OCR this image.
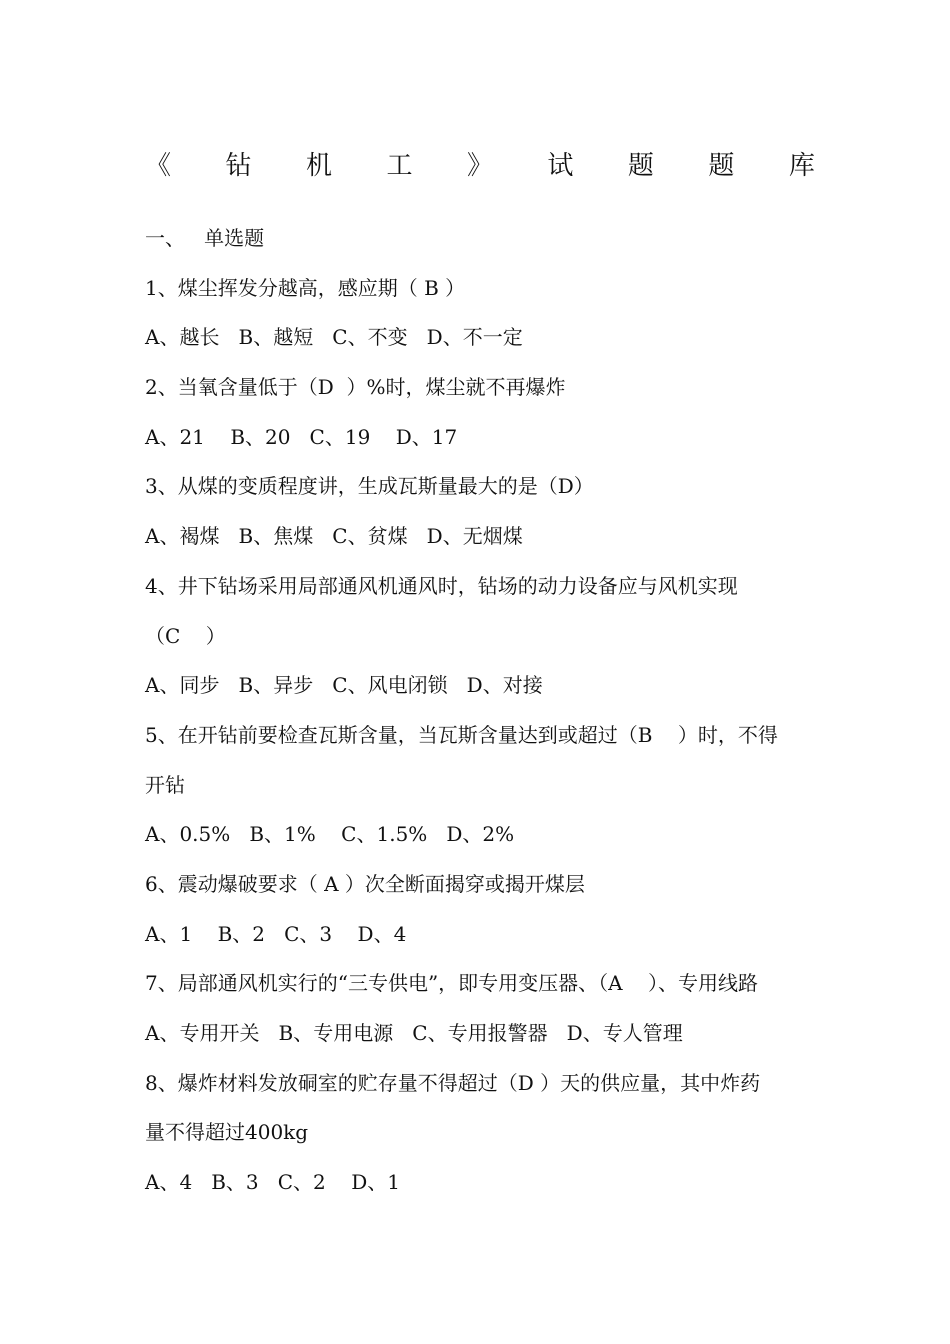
《 钻 机 工 》 试 题 题 库
一、   单选题
1、煤尘挥发分越高，感应期（ B ）
A、越长   B、越短   C、不变   D、不一定
2、当氧含量低于（D  ）%时，煤尘就不再爆炸
A、21    B、20   C、19    D、17
3、从煤的变质程度讲，生成瓦斯量最大的是（D）
A、褐煤   B、焦煤   C、贫煤   D、无烟煤
4、井下钻场采用局部通风机通风时，钻场的动力设备应与风机实现
（C    ）
A、同步   B、异步   C、风电闭锁   D、对接
5、在开钻前要检查瓦斯含量，当瓦斯含量达到或超过（B    ）时，不得
开钻
A、0.5%   B、1%    C、1.5%   D、2%
6、震动爆破要求（ A ）次全断面揭穿或揭开煤层
A、1    B、2   C、3    D、4
7、局部通风机实行的“三专供电”，即专用变压器、（A    ）、专用线路
A、专用开关   B、专用电源   C、专用报警器   D、专人管理
8、爆炸材料发放硐室的贮存量不得超过（D ）天的供应量，其中炸药
量不得超过400kg
A、4   B、3   C、2    D、1
